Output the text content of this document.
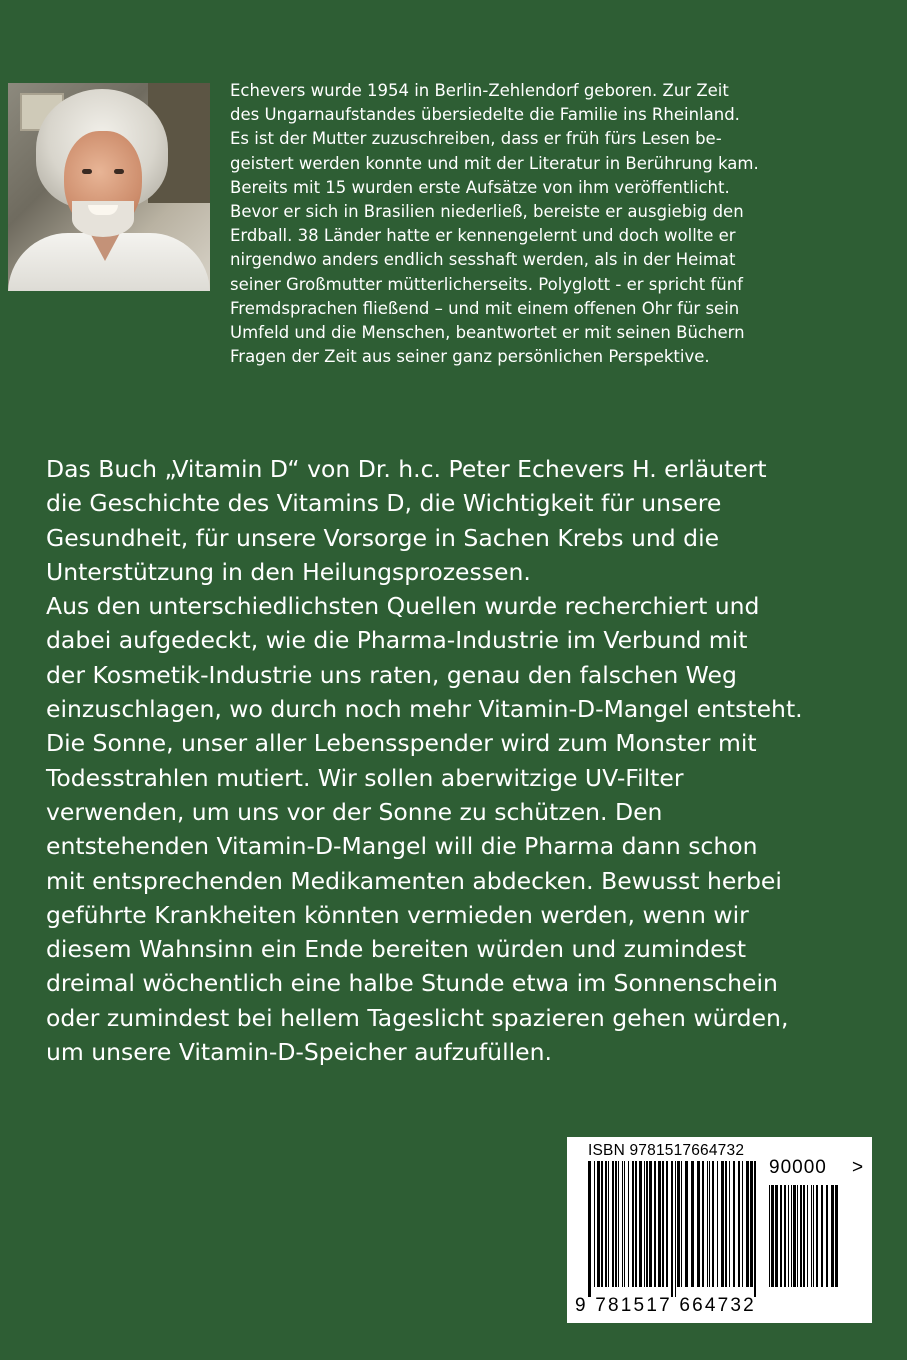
Echevers wurde 1954 in Berlin-Zehlendorf geboren. Zur Zeit

des Ungarnaufstandes übersiedelte die Familie ins Rheinland.

Es ist der Mutter zuzuschreiben, dass er früh fürs Lesen be-

geistert werden konnte und mit der Literatur in Berührung kam.

Bereits mit 15 wurden erste Aufsätze von ihm veröffentlicht.

Bevor er sich in Brasilien niederließ, bereiste er ausgiebig den

Erdball. 38 Länder hatte er kennengelernt und doch wollte er

nirgendwo anders endlich sesshaft werden, als in der Heimat

seiner Großmutter mütterlicherseits. Polyglott - er spricht fünf

Fremdsprachen fließend – und mit einem offenen Ohr für sein

Umfeld und die Menschen, beantwortet er mit seinen Büchern

Fragen der Zeit aus seiner ganz persönlichen Perspektive.

Das Buch „Vitamin D“ von Dr. h.c. Peter Echevers H. erläutert

die Geschichte des Vitamins D, die Wichtigkeit für unsere

Gesundheit, für unsere Vorsorge in Sachen Krebs und die

Unterstützung in den Heilungsprozessen.

Aus den unterschiedlichsten Quellen wurde recherchiert und

dabei aufgedeckt, wie die Pharma-Industrie im Verbund mit

der Kosmetik-Industrie uns raten, genau den falschen Weg

einzuschlagen, wo durch noch mehr Vitamin-D-Mangel entsteht.

Die Sonne, unser aller Lebensspender wird zum Monster mit

Todesstrahlen mutiert. Wir sollen aberwitzige UV-Filter

verwenden, um uns vor der Sonne zu schützen. Den

entstehenden Vitamin-D-Mangel will die Pharma dann schon

mit entsprechenden Medikamenten abdecken. Bewusst herbei

geführte Krankheiten könnten vermieden werden, wenn wir

diesem Wahnsinn ein Ende bereiten würden und zumindest

dreimal wöchentlich eine halbe Stunde etwa im Sonnenschein

oder zumindest bei hellem Tageslicht spazieren gehen würden,

um unsere Vitamin-D-Speicher aufzufüllen.

ISBN 9781517664732
90000 >
9 781517 664732
